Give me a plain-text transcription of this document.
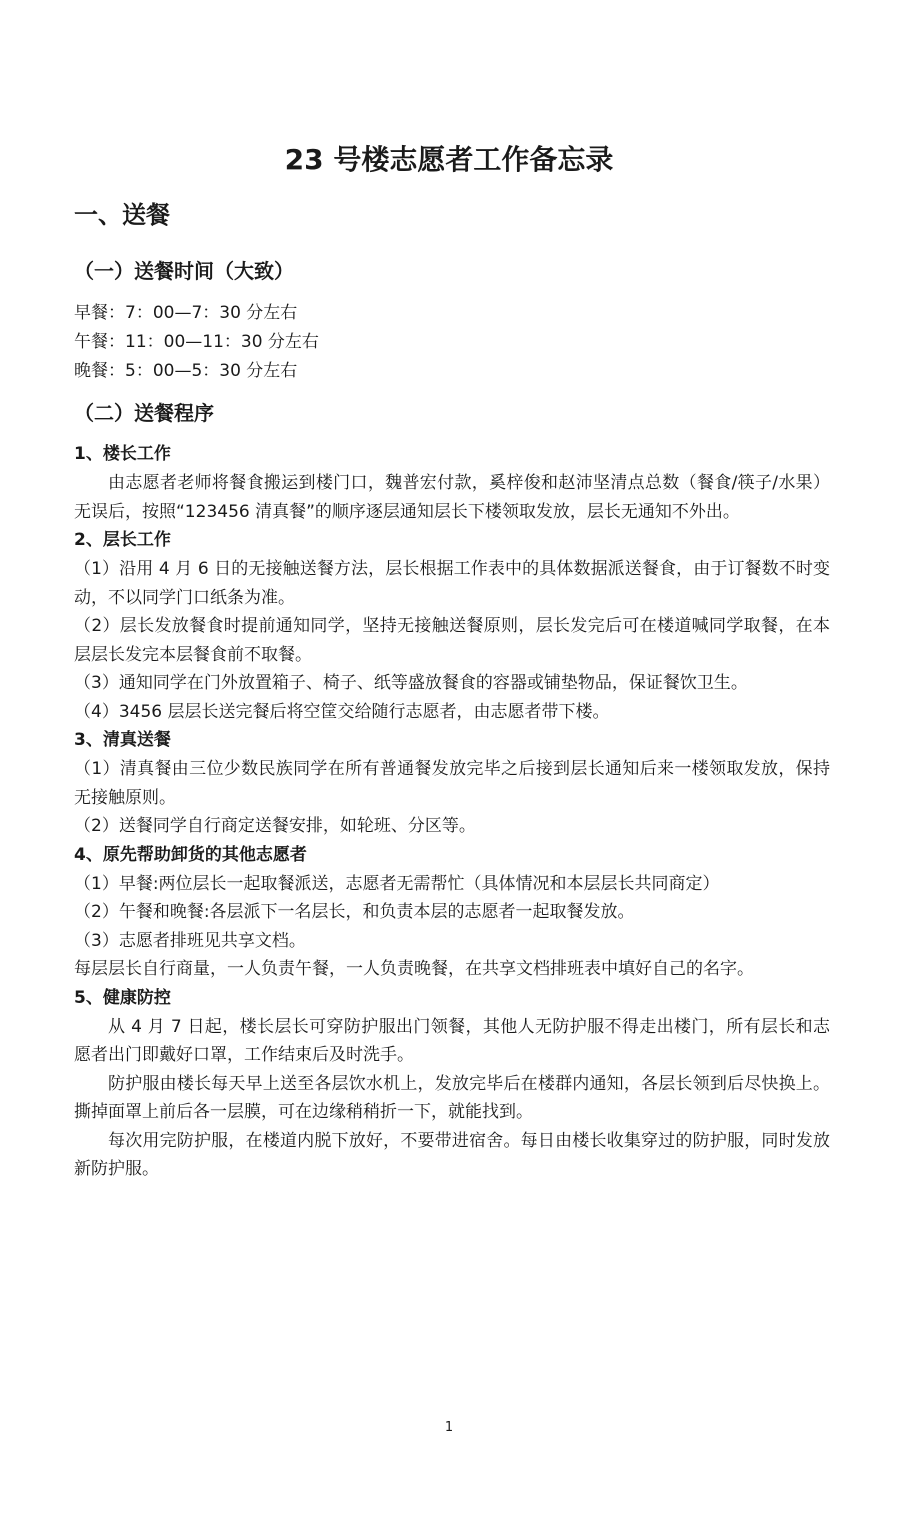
23 号楼志愿者工作备忘录
一、送餐
（一）送餐时间（大致）
早餐：7：00—7：30 分左右
午餐：11：00—11：30 分左右
晚餐：5：00—5：30 分左右
（二）送餐程序
1、楼长工作

由志愿者老师将餐食搬运到楼门口，魏普宏付款，奚梓俊和赵沛坚清点总数（餐食/筷子/水果）无误后，按照“123456 清真餐”的顺序逐层通知层长下楼领取发放，层长无通知不外出。

2、层长工作

（1）沿用 4 月 6 日的无接触送餐方法，层长根据工作表中的具体数据派送餐食，由于订餐数不时变动，不以同学门口纸条为准。

（2）层长发放餐食时提前通知同学，坚持无接触送餐原则，层长发完后可在楼道喊同学取餐，在本层层长发完本层餐食前不取餐。

（3）通知同学在门外放置箱子、椅子、纸等盛放餐食的容器或铺垫物品，保证餐饮卫生。

（4）3456 层层长送完餐后将空筐交给随行志愿者，由志愿者带下楼。

3、清真送餐

（1）清真餐由三位少数民族同学在所有普通餐发放完毕之后接到层长通知后来一楼领取发放，保持无接触原则。

（2）送餐同学自行商定送餐安排，如轮班、分区等。

4、原先帮助卸货的其他志愿者

（1）早餐:两位层长一起取餐派送，志愿者无需帮忙（具体情况和本层层长共同商定）

（2）午餐和晚餐:各层派下一名层长，和负责本层的志愿者一起取餐发放。

（3）志愿者排班见共享文档。

每层层长自行商量，一人负责午餐，一人负责晚餐，在共享文档排班表中填好自己的名字。

5、健康防控

从 4 月 7 日起，楼长层长可穿防护服出门领餐，其他人无防护服不得走出楼门，所有层长和志愿者出门即戴好口罩，工作结束后及时洗手。

防护服由楼长每天早上送至各层饮水机上，发放完毕后在楼群内通知，各层长领到后尽快换上。撕掉面罩上前后各一层膜，可在边缘稍稍折一下，就能找到。

每次用完防护服，在楼道内脱下放好，不要带进宿舍。每日由楼长收集穿过的防护服，同时发放新防护服。

1
